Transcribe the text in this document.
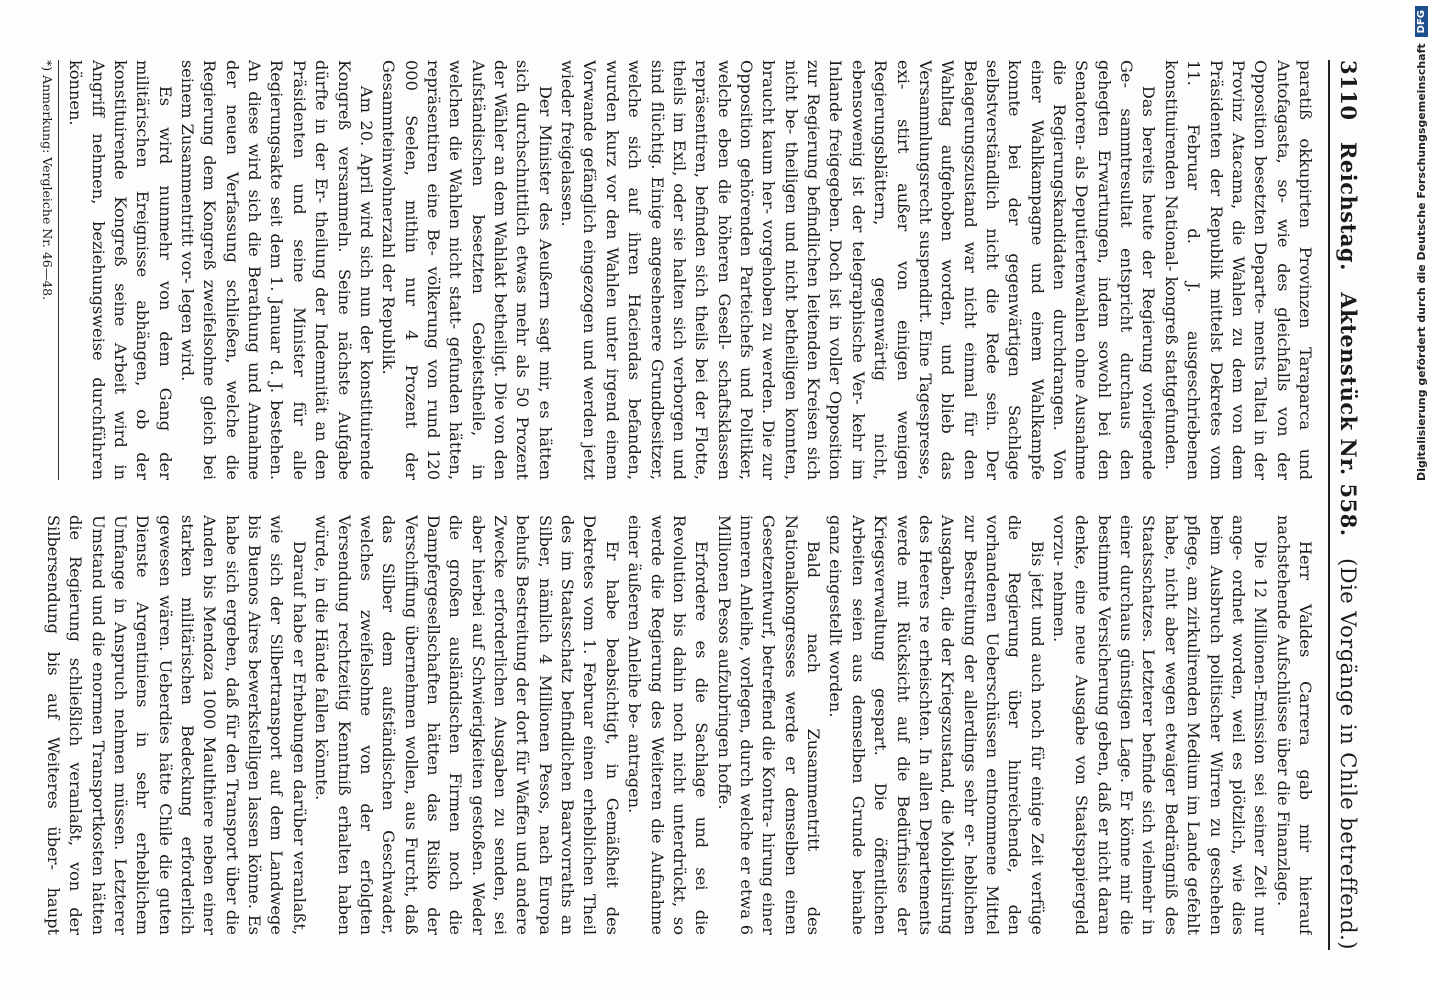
3110
Reichstag.
Aktenstück Nr. 558.
(Die Vorgänge in Chile betreffend.)

paratiß okkupirten Provinzen Taraparca und Antofagasta, so- wie des gleichfalls von der Opposition besetzten Departe- ments Taltal in der Provinz Atacama, die Wahlen zu dem von dem Präsidenten der Republik mittelst Dekretes vom 11. Februar d. J. ausgeschriebenen konstituirenden National- kongreß stattgefunden.

Das bereits heute der Regierung vorliegende Ge- sammtresultat entspricht durchaus den gehegten Erwartungen, indem sowohl bei den Senatoren- als Deputiertenwahlen ohne Ausnahme die Regierungskandidaten durchdrangen. Von einer Wahlkampagne und einem Wahlkampfe konnte bei der gegenwärtigen Sachlage selbstverständlich nicht die Rede sein. Der Belagerungszustand war nicht einmal für den Wahltag aufgehoben worden, und blieb das Versammlungsrecht suspendirt. Eine Tagespresse, exi- stirt außer von einigen wenigen Regierungsblättern, gegenwärtig nicht, ebensowenig ist der telegraphische Ver- kehr im Inlande freigegeben. Doch ist in voller Opposition zur Regierung befindlichen leitenden Kreisen sich nicht be- theiligen und nicht betheiligen konnten, braucht kaum her- vorgehoben zu werden. Die zur Opposition gehörenden Parteichefs und Politiker, welche eben die höheren Gesell- schaftsklassen repräsentiren, befinden sich theils bei der Flotte, theils im Exil, oder sie halten sich verborgen und sind flüchtig. Einige angesehenere Grundbesitzer, welche sich auf ihren Haciendas befanden, wurden kurz vor den Wahlen unter irgend einem Vorwande gefänglich eingezogen und werden jetzt wieder freigelassen.

Der Minister des Aeußern sagt mir, es hätten sich durchschnittlich etwas mehr als 50 Prozent der Wähler an dem Wahlakt betheiligt. Die von den Aufständischen besetzten Gebietstheile, in welchen die Wahlen nicht statt- gefunden hätten, repräsentiren eine Be- völkerung von rund 120 000 Seelen, mithin nur 4 Prozent der Gesammteinwohnerzahl der Republik.

Am 20. April wird sich nun der konstituirende Kongreß versammeln. Seine nächste Aufgabe dürfte in der Er- theilung der Indemnität an den Präsidenten und seine Minister für alle Regierungsakte seit dem 1. Januar d. J. bestehen. An diese wird sich die Berathung und Annahme der neuen Verfassung schließen, welche die Regierung dem Kongreß zweifelsohne gleich bei seinem Zusammentritt vor- legen wird.

Es wird nunmehr von dem Gang der militärischen Ereignisse abhängen, ob der konstituirende Kongreß seine Arbeit wird in Angriff nehmen, beziehungsweise durchführen können.

*) Anmerkung: Vergleiche Nr. 46—48.

Herr Valdes Carrera gab mir hierauf nachstehende Aufschlüsse über die Finanzlage.

Die 12 Millionen-Emission sei seiner Zeit nur ange- ordnet worden, weil es plötzlich, wie dies beim Ausbruch politischer Wirren zu geschehen pflege, am zirkulirenden Medium im Lande gefehlt habe, nicht aber wegen etwaiger Bedrängniß des Staatsschatzes. Letzterer befinde sich vielmehr in einer durchaus günstigen Lage. Er könne mir die bestimmte Versicherung geben, daß er nicht daran denke, eine neue Ausgabe von Staatspapiergeld vorzu- nehmen.

Bis jetzt und auch noch für einige Zeit verfüge die Regierung über hinreichende, den vorhandenen Ueberschüssen entnommene Mittel zur Bestreitung der allerdings sehr er- heblichen Ausgaben, die der Kriegszustand, die Mobilisirung des Heeres re erheischten. In allen Departements werde mit Rücksicht auf die Bedürfnisse der Kriegsverwaltung gespart. Die öffentlichen Arbeiten seien aus demselben Grunde beinahe ganz eingestellt worden.

Bald nach Zusammentritt des Nationalkongresses werde er demselben einen Gesetzentwurf, betreffend die Kontra- hirung einer inneren Anleihe, vorlegen, durch welche er etwa 6 Millionen Pesos aufzubringen hoffe.

Erfordere es die Sachlage und sei die Revolution bis dahin noch nicht unterdrückt, so werde die Regierung des Weiteren die Aufnahme einer äußeren Anleihe be- antragen.

Er habe beabsichtigt, in Gemäßheit des Dekretes vom 1. Februar einen erheblichen Theil des im Staatsschatz befindlichen Baarvorraths an Silber, nämlich 4 Millionen Pesos, nach Europa behufs Bestreitung der dort für Waffen und andere Zwecke erforderlichen Ausgaben zu senden, sei aber hierbei auf Schwierigkeiten gestoßen. Weder die großen ausländischen Firmen noch die Dampfergesellschaften hätten das Risiko der Verschiffung übernehmen wollen, aus Furcht, daß das Silber dem aufständischen Geschwader, welches zweifelsohne von der erfolgten Versendung rechtzeitig Kenntniß erhalten haben würde, in die Hände fallen könnte.

Darauf habe er Erhebungen darüber veranlaßt, wie sich der Silbertransport auf dem Landwege bis Buenos Aires bewerkstelligen lassen könne. Es habe sich ergeben, daß für den Transport über die Anden bis Mendoza 1000 Maulthiere neben einer starken militärischen Bedeckung erforderlich gewesen wären. Ueberdies hätte Chile die guten Dienste Argentiniens in sehr erheblichem Umfange in Anspruch nehmen müssen. Letzterer Umstand und die enormen Transportkosten hätten die Regierung schließlich veranlaßt, von der Silbersendung bis auf Weiteres über- haupt

Digitalisierung gefördert durch die Deutsche Forschungsgemeinschaft
DFG
